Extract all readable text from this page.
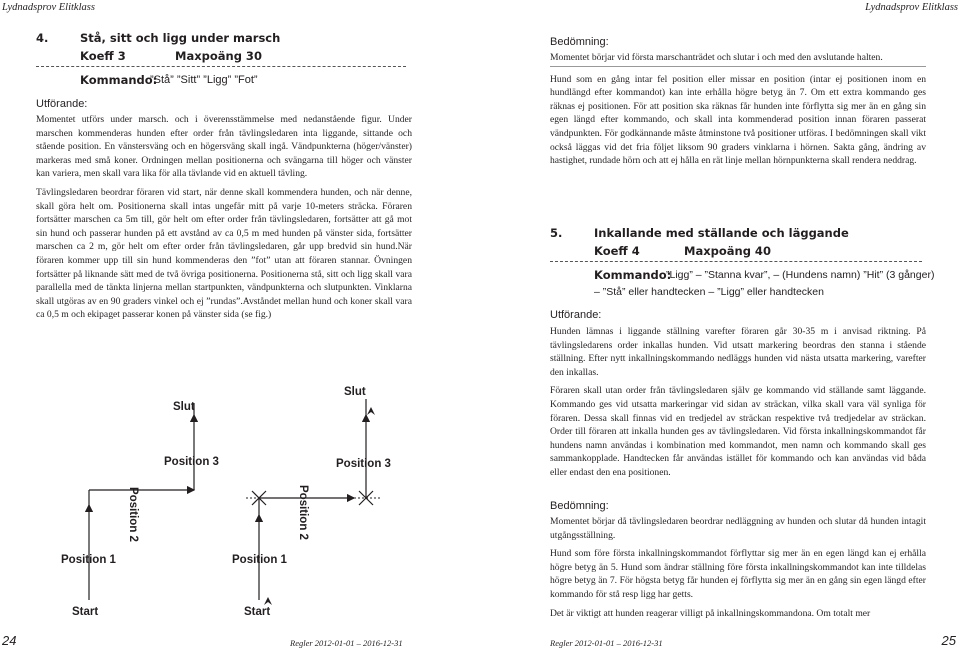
Lydnadsprov Elitklass	Lydnadsprov Elitklass
4.	Stå, sitt och ligg under marsch
Koeff 3	Maxpoäng 30
Kommando:
”Stå” ”Sitt” ”Ligg” ”Fot”
Utförande:

Momentet utförs under marsch. och i överensstämmelse med nedanstående figur. Under marschen kommenderas hunden efter order från tävlingsledaren inta liggande, sittande och stående position. En vänstersväng och en högersväng skall ingå. Vändpunkterna (höger/vänster) markeras med små koner. Ordningen mellan positionerna och svängarna till höger och vänster kan variera, men skall vara lika för alla tävlande vid en aktuell tävling.

Tävlingsledaren beordrar föraren vid start, när denne skall kommendera hunden, och när denne, skall göra helt om. Positionerna skall intas ungefär mitt på varje 10-meters sträcka. Föraren fortsätter marschen ca 5m till, gör helt om efter order från tävlingsledaren, fortsätter att gå mot sin hund och passerar hunden på ett avstånd av ca 0,5 m med hunden på vänster sida, fortsätter marschen ca 2 m, gör helt om efter order från tävlingsledaren, går upp bredvid sin hund.När föraren kommer upp till sin hund kommenderas den ”fot” utan att föraren stannar. Övningen fortsätter på liknande sätt med de två övriga positionerna. Positionerna stå, sitt och ligg skall vara parallella med de tänkta linjerna mellan startpunkten, vändpunkterna och slutpunkten. Vinklarna skall utgöras av en 90 graders vinkel och ej ”rundas”.Avståndet mellan hund och koner skall vara ca 0,5 m och ekipaget passerar konen på vänster sida (se fig.)

Slut
Position 3
Position 2
Position 1
Start
Slut
Position 3
Position 2
Position 1
Start
24	Regler 2012-01-01 – 2016-12-31
Bedömning:

Momentet börjar vid första marschanträdet och slutar i och med den avslutande halten.

Hund som en gång intar fel position eller missar en position (intar ej positionen inom en hundlängd efter kommandot) kan inte erhålla högre betyg än 7. Om ett extra kommando ges räknas ej positionen. För att position ska räknas får hunden inte förflytta sig mer än en gång sin egen längd efter kommando, och skall inta kommenderad position innan föraren passerat vändpunkten. För godkännande måste åtminstone två positioner utföras. I bedömningen skall vikt också läggas vid det fria följet liksom 90 graders vinklarna i hörnen. Sakta gång, ändring av hastighet, rundade hörn och att ej hålla en rät linje mellan hörnpunkterna skall rendera neddrag.

5.	Inkallande med ställande och läggande
Koeff 4	Maxpoäng 40
Kommando:
”Ligg” – ”Stanna kvar”, – (Hundens namn) ”Hit” (3 gånger)
– ”Stå” eller handtecken – ”Ligg” eller handtecken
Utförande:

Hunden lämnas i liggande ställning varefter föraren går 30-35 m i anvisad riktning. På tävlingsledarens order inkallas hunden. Vid utsatt markering beordras den stanna i stående ställning. Efter nytt inkallningskommando nedläggs hunden vid nästa utsatta markering, varefter den inkallas.

Föraren skall utan order från tävlingsledaren själv ge kommando vid ställande samt läggande. Kommando ges vid utsatta markeringar vid sidan av sträckan, vilka skall vara väl synliga för föraren. Dessa skall finnas vid en tredjedel av sträckan respektive två tredjedelar av sträckan. Order till föraren att inkalla hunden ges av tävlingsledaren. Vid första inkallningskommandot får hundens namn användas i kombination med kommandot, men namn och kommando skall ges sammankopplade. Handtecken får användas istället för kommando och kan användas vid båda eller endast den ena positionen.

Bedömning:

Momentet börjar då tävlingsledaren beordrar nedläggning av hunden och slutar då hunden intagit utgångsställning.

Hund som före första inkallningskommandot förflyttar sig mer än en egen längd kan ej erhålla högre betyg än 5. Hund som ändrar ställning före första inkallningskommandot kan inte tilldelas högre betyg än 7. För högsta betyg får hunden ej förflytta sig mer än en gång sin egen längd efter kommando för stå resp ligg har getts.

Det är viktigt att hunden reagerar villigt på inkallningskommandona. Om totalt mer

Regler 2012-01-01 – 2016-12-31	25
